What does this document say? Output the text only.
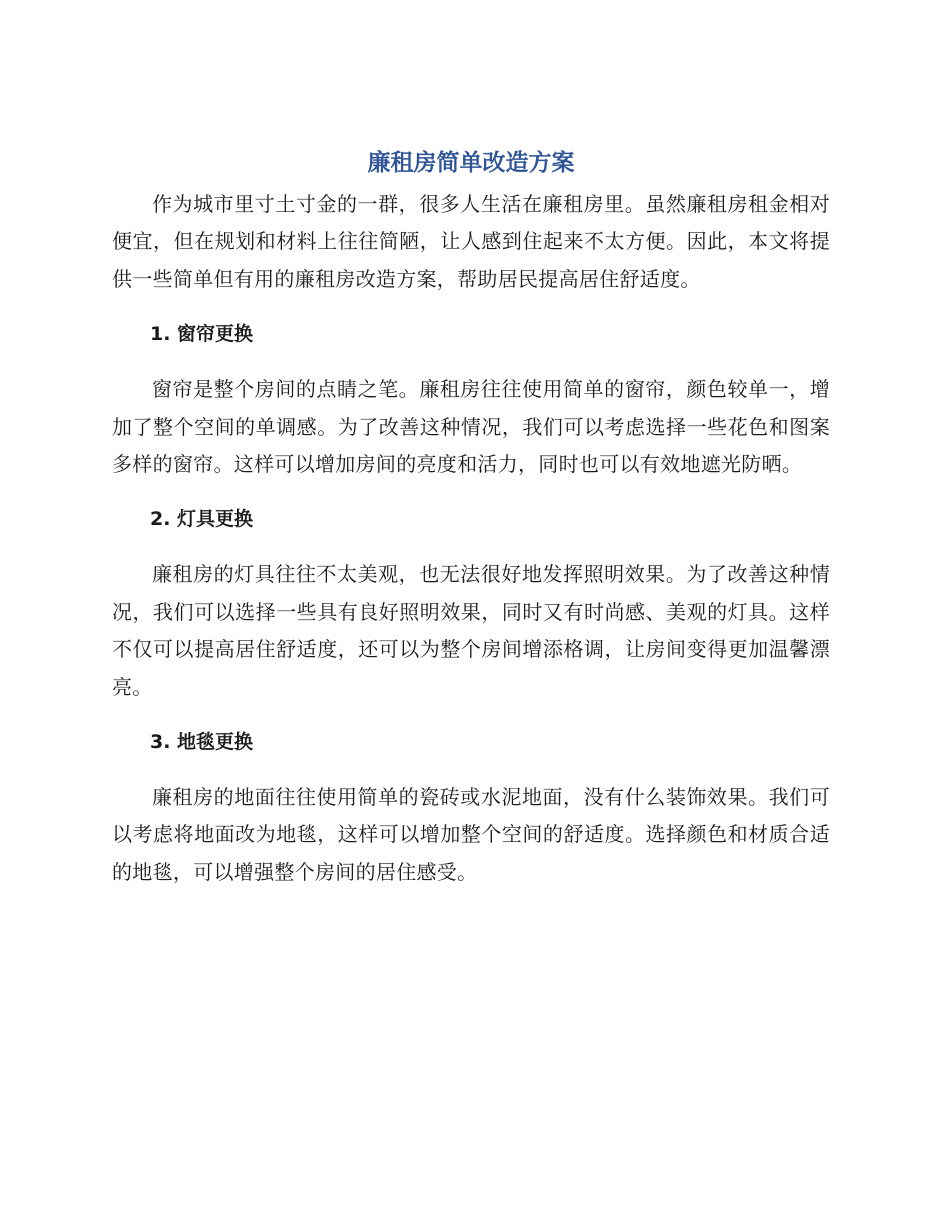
廉租房简单改造方案

作为城市里寸土寸金的一群，很多人生活在廉租房里。虽然廉租房租金相对便宜，但在规划和材料上往往简陋，让人感到住起来不太方便。因此，本文将提供一些简单但有用的廉租房改造方案，帮助居民提高居住舒适度。

1. 窗帘更换

窗帘是整个房间的点睛之笔。廉租房往往使用简单的窗帘，颜色较单一，增加了整个空间的单调感。为了改善这种情况，我们可以考虑选择一些花色和图案多样的窗帘。这样可以增加房间的亮度和活力，同时也可以有效地遮光防晒。

2. 灯具更换

廉租房的灯具往往不太美观，也无法很好地发挥照明效果。为了改善这种情况，我们可以选择一些具有良好照明效果，同时又有时尚感、美观的灯具。这样不仅可以提高居住舒适度，还可以为整个房间增添格调，让房间变得更加温馨漂亮。

3. 地毯更换

廉租房的地面往往使用简单的瓷砖或水泥地面，没有什么装饰效果。我们可以考虑将地面改为地毯，这样可以增加整个空间的舒适度。选择颜色和材质合适的地毯，可以增强整个房间的居住感受。
